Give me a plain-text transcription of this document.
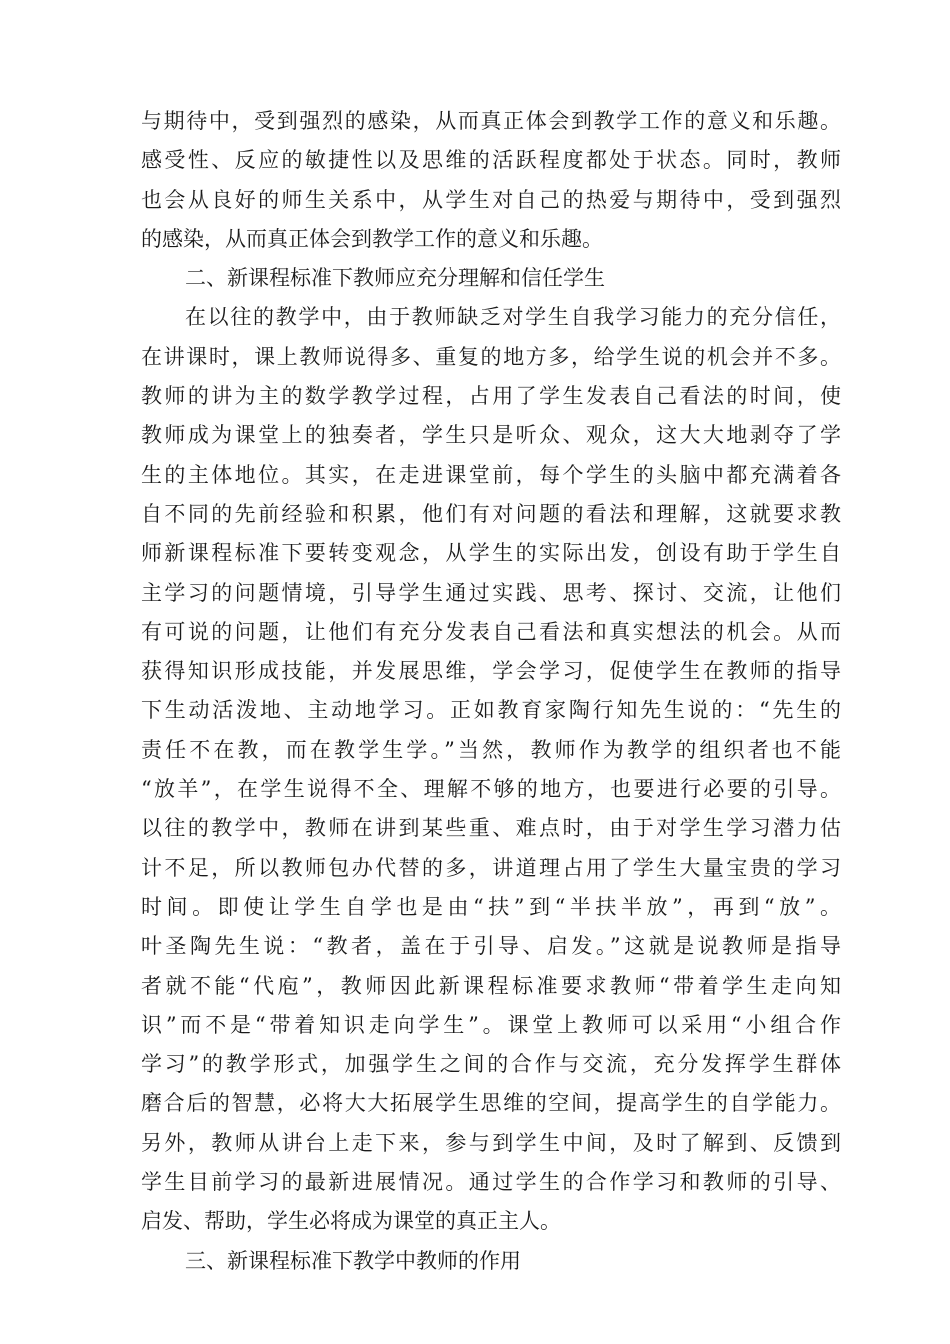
与期待中，受到强烈的感染，从而真正体会到教学工作的意义和乐趣。
感受性、反应的敏捷性以及思维的活跃程度都处于状态。同时，教师
也会从良好的师生关系中，从学生对自己的热爱与期待中，受到强烈
的感染，从而真正体会到教学工作的意义和乐趣。
二、新课程标准下教师应充分理解和信任学生
在以往的教学中，由于教师缺乏对学生自我学习能力的充分信任，
在讲课时，课上教师说得多、重复的地方多，给学生说的机会并不多。
教师的讲为主的数学教学过程，占用了学生发表自己看法的时间，使
教师成为课堂上的独奏者，学生只是听众、观众，这大大地剥夺了学
生的主体地位。其实，在走进课堂前，每个学生的头脑中都充满着各
自不同的先前经验和积累，他们有对问题的看法和理解，这就要求教
师新课程标准下要转变观念，从学生的实际出发，创设有助于学生自
主学习的问题情境，引导学生通过实践、思考、探讨、交流，让他们
有可说的问题，让他们有充分发表自己看法和真实想法的机会。从而
获得知识形成技能，并发展思维，学会学习，促使学生在教师的指导
下生动活泼地、主动地学习。正如教育家陶行知先生说的：“先生的
责任不在教，而在教学生学。”当然，教师作为教学的组织者也不能
“放羊”，在学生说得不全、理解不够的地方，也要进行必要的引导。
以往的教学中，教师在讲到某些重、难点时，由于对学生学习潜力估
计不足，所以教师包办代替的多，讲道理占用了学生大量宝贵的学习
时间。即使让学生自学也是由“扶”到“半扶半放”，再到“放”。
叶圣陶先生说：“教者，盖在于引导、启发。”这就是说教师是指导
者就不能“代庖”，教师因此新课程标准要求教师“带着学生走向知
识”而不是“带着知识走向学生”。课堂上教师可以采用“小组合作
学习”的教学形式，加强学生之间的合作与交流，充分发挥学生群体
磨合后的智慧，必将大大拓展学生思维的空间，提高学生的自学能力。
另外，教师从讲台上走下来，参与到学生中间，及时了解到、反馈到
学生目前学习的最新进展情况。通过学生的合作学习和教师的引导、
启发、帮助，学生必将成为课堂的真正主人。
三、新课程标准下教学中教师的作用
